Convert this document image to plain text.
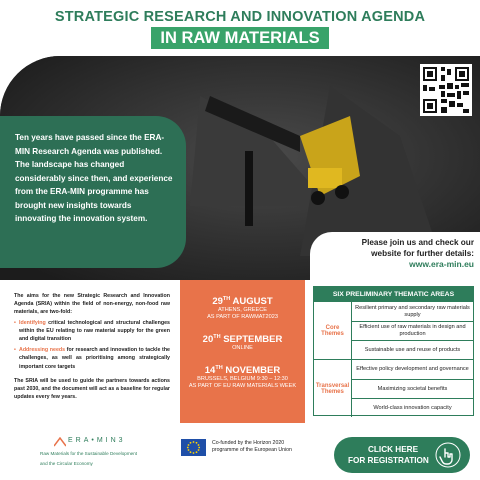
STRATEGIC RESEARCH AND INNOVATION AGENDA
IN RAW MATERIALS
Ten years have passed since the ERA-MIN Research Agenda was published. The landscape has changed considerably since then, and experience from the ERA-MIN programme has brought new insights towards innovating the innovation system.
Please join us and check our website for further details:
www.era-min.eu

The aims for the new Strategic Research and Innovation Agenda (SRIA) within the field of non-energy, non-food raw materials, are two-fold:

• Identifying critical technological and structural challenges within the EU relating to raw material supply for the green and digital transition
• Addressing needs for research and innovation to tackle the challenges, as well as prioritising among strategically important core targets

The SRIA will be used to guide the partners towards actions past 2030, and the document will act as a baseline for regular updates every few years.

29TH AUGUST
ATHENS, GREECE
AS PART OF RAWMAT2023
20TH SEPTEMBER
ONLINE
14TH NOVEMBER
BRUSSELS, BELGIUM 9:30 – 12:30
AS PART OF EU RAW MATERIALS WEEK
SIX PRELIMINARY THEMATIC AREAS
Core Themes
Resilient primary and secondary raw materials supply
Efficient use of raw materials in design and production
Sustainable use and reuse of products
Transversal Themes
Effective policy development and governance
Maximizing societal benefits
World-class innovation capacity
ERA•MIN3
Raw Materials for the Sustainable Development
and the Circular Economy
Co-funded by the Horizon 2020 programme of the European Union	CLICK HERE
FOR REGISTRATION
